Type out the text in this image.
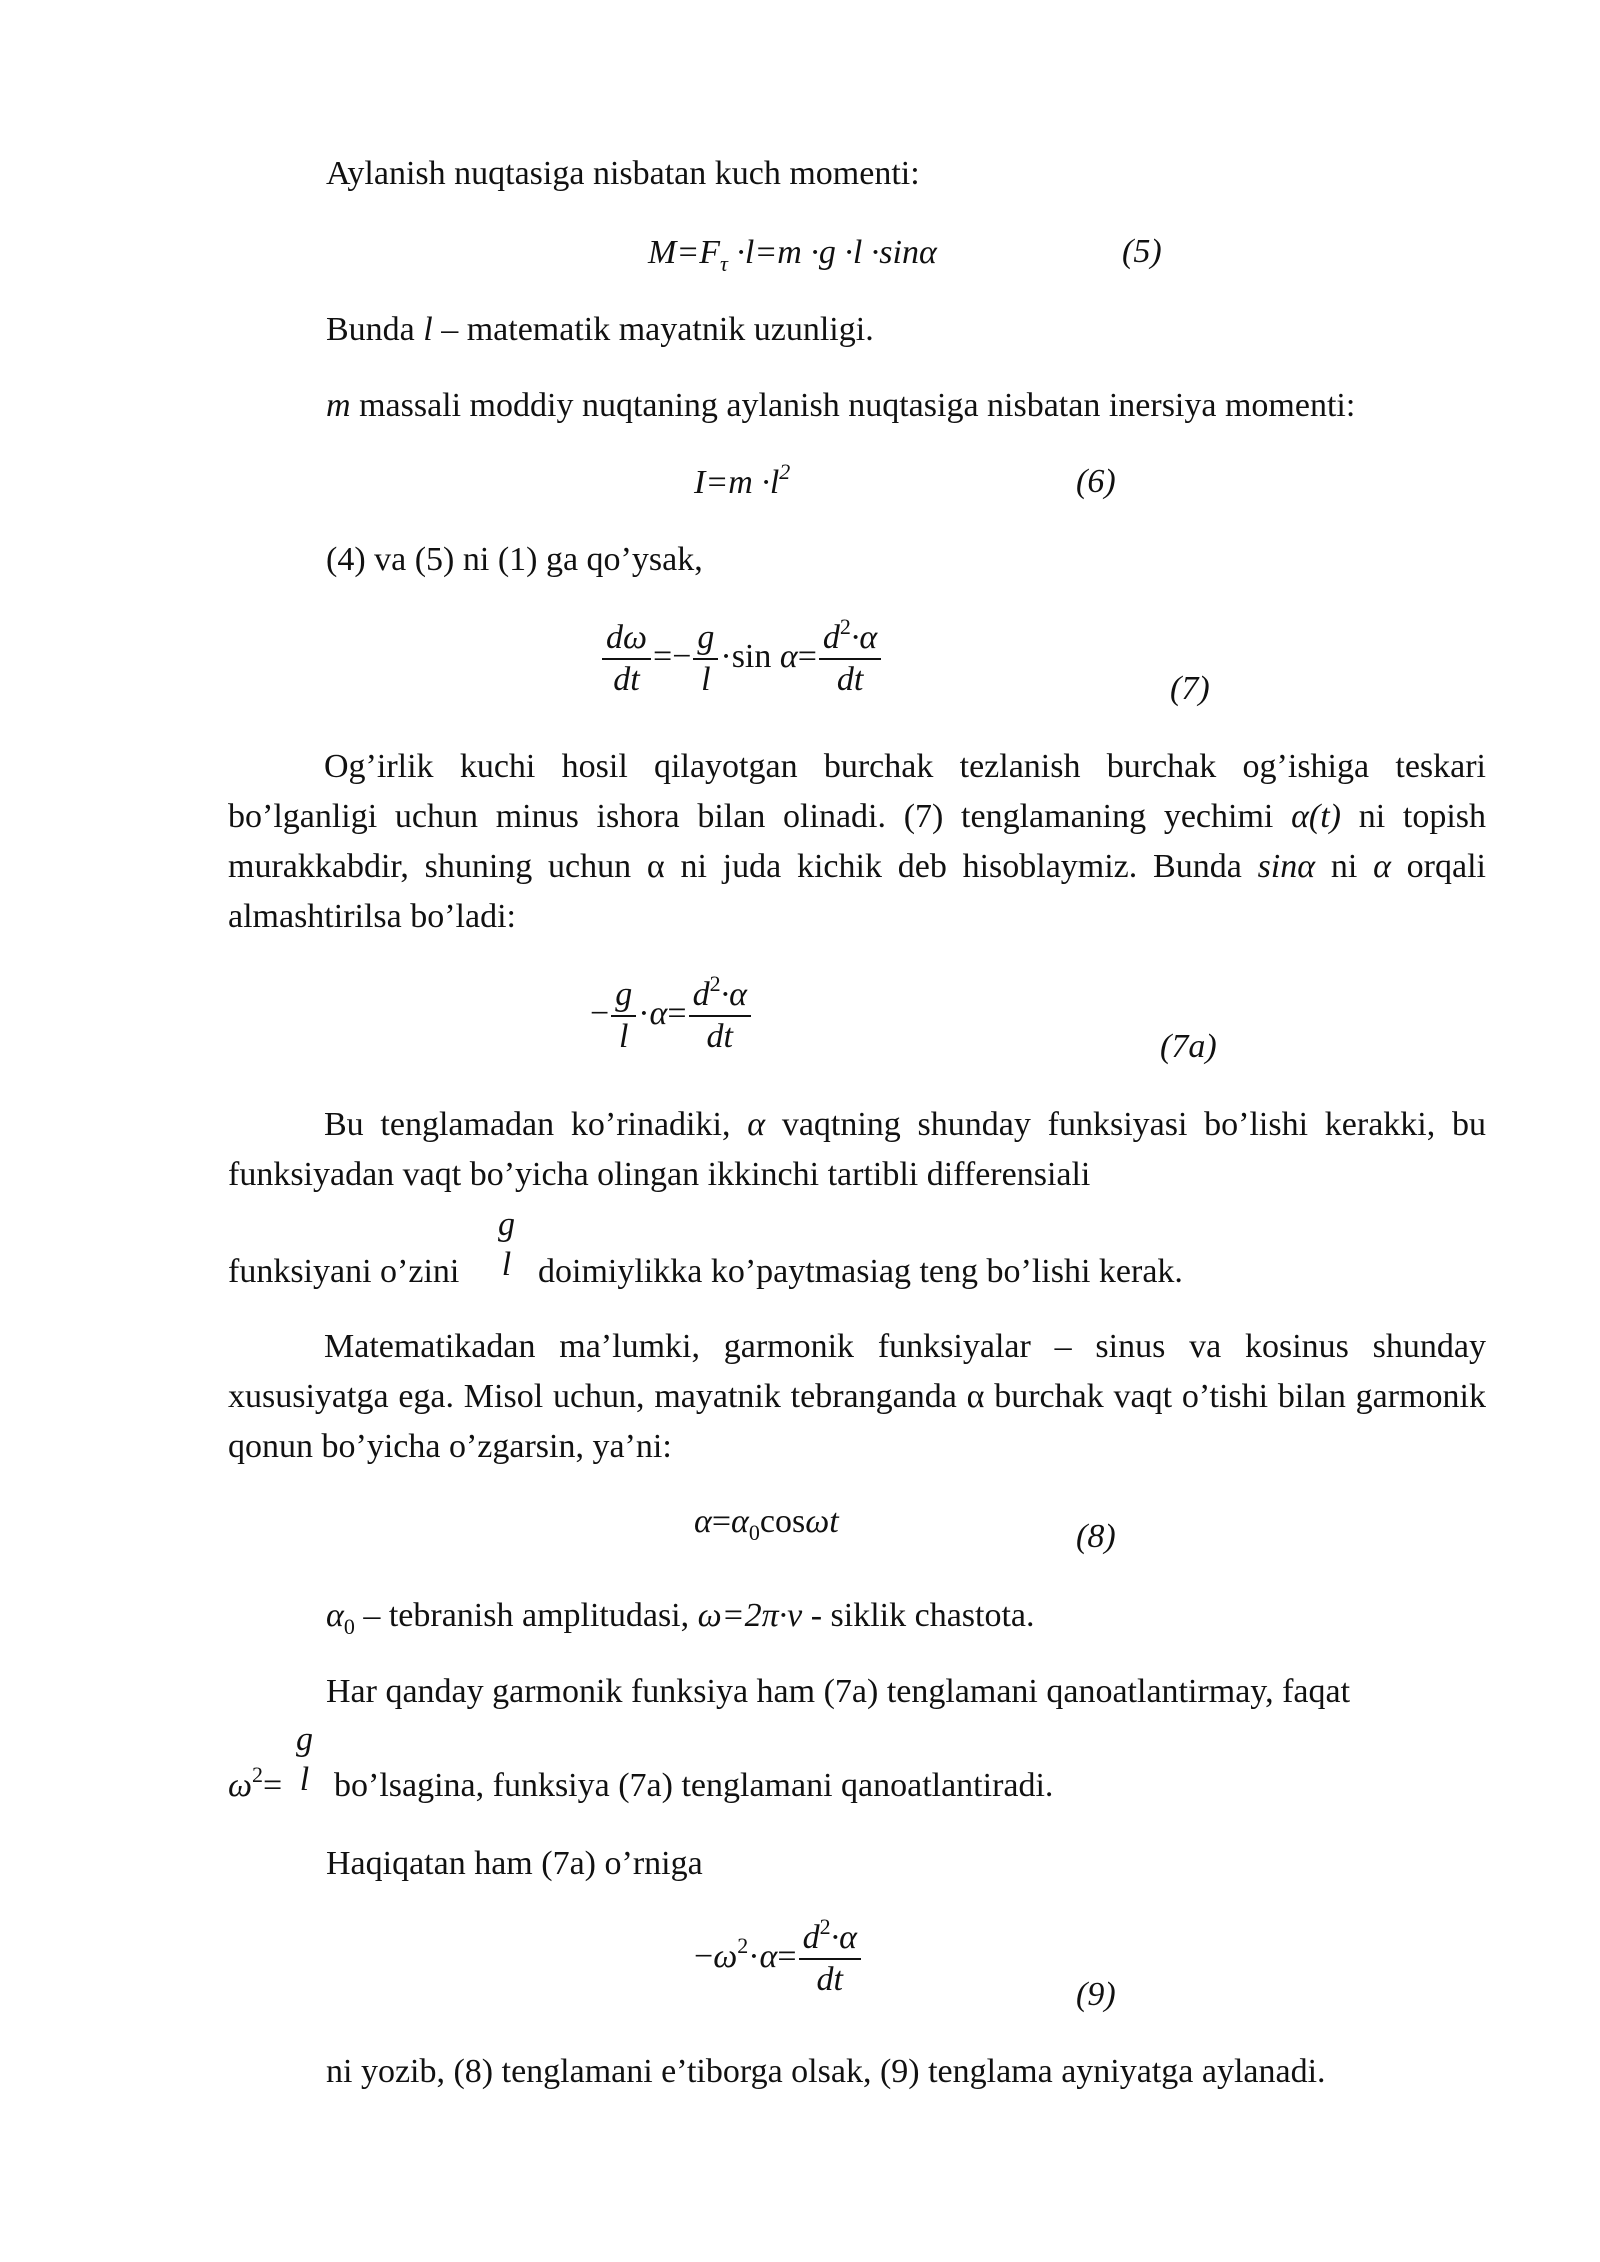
Aylanish nuqtasiga nisbatan kuch momenti:
$M=F_\tau \cdot l=m \cdot g \cdot l \cdot\sin\alpha$	(5)
Bunda l – matematik mayatnik uzunligi.
m massali moddiy nuqtaning aylanish nuqtasiga nisbatan inersiya momenti:
$I=m \cdot l^2$	(6)
(4) va (5) ni (1) ga qo’ysak,
$\frac{d\omega}{dt} =- \frac{g}{l} \cdot\sin$ $\alpha= \frac{d^2\cdot\alpha}{dt}$	(7)
Og’irlik kuchi hosil qilayotgan burchak tezlanish burchak og’ishiga teskari bo’lganligi uchun minus ishora bilan olinadi. (7) tenglamaning yechimi α(t) ni topish murakkabdir, shuning uchun α ni juda kichik deb hisoblaymiz. Bunda sinα ni α orqali almashtirilsa bo’ladi:
− $\frac{g}{l} \cdot\alpha= \frac{d^2\cdot\alpha}{dt}$	(7a)
Bu tenglamadan ko’rinadiki, α vaqtning shunday funksiyasi bo’lishi kerakki, bu funksiyadan vaqt bo’yicha olingan ikkinchi tartibli differensiali
funksiyani o’zini
g
l doimiylikka ko’paytmasiag teng bo’lishi kerak.
Matematikadan ma’lumki, garmonik funksiyalar – sinus va kosinus shunday xususiyatga ega. Misol uchun, mayatnik tebranganda α burchak vaqt o’tishi bilan garmonik qonun bo’yicha o’zgarsin, ya’ni:
$\alpha=\alpha_0\cos\omega t$	(8)
$\alpha_0$ – tebranish amplitudasi, ω=2π·ν - siklik chastota.
Har qanday garmonik funksiya ham (7a) tenglamani qanoatlantirmay, faqat
$\omega^2=$
g
l bo’lsagina, funksiya (7a) tenglamani qanoatlantiradi.
Haqiqatan ham (7a) o’rniga
$-\omega^2\cdot\alpha= \frac{d^2\cdot\alpha}{dt}$	(9)
ni yozib, (8) tenglamani e’tiborga olsak, (9) tenglama ayniyatga aylanadi.
